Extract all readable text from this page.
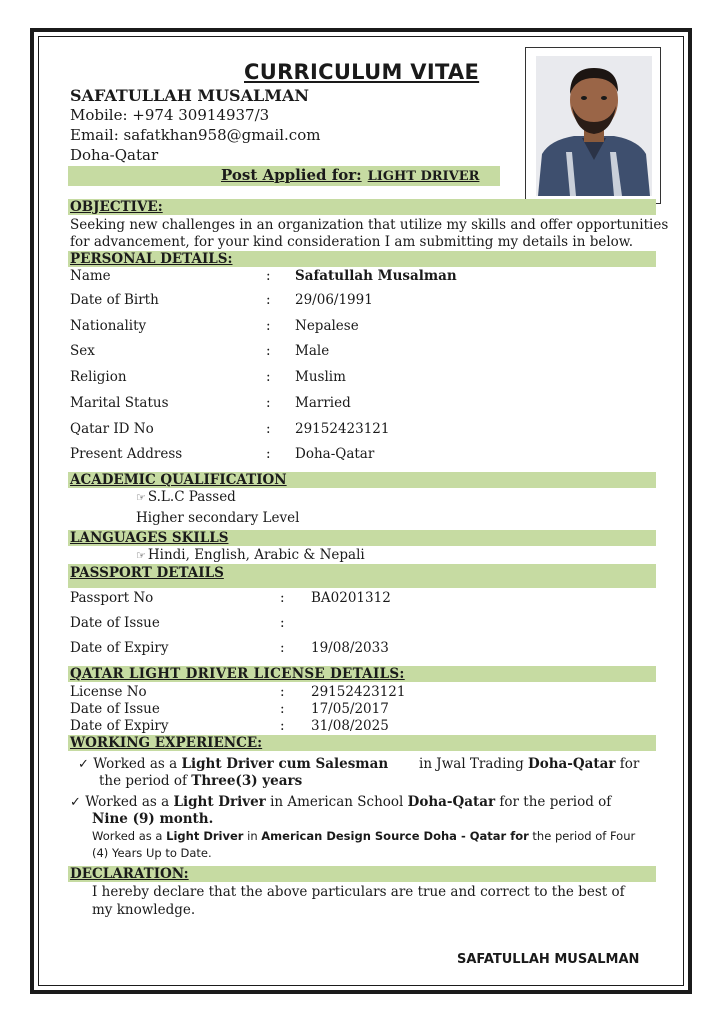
CURRICULUM VITAE
SAFATULLAH MUSALMAN
Mobile: +974 30914937/3
Email: safatkhan958@gmail.com
Doha-Qatar
Post Applied for: LIGHT DRIVER
OBJECTIVE:
Seeking new challenges in an organization that utilize my skills and offer opportunities
for advancement, for your kind consideration I am submitting my details in below.
PERSONAL DETAILS:
Name	: Safatullah Musalman
Date of Birth	: 29/06/1991
Nationality	: Nepalese
Sex	: Male
Religion	: Muslim
Marital Status	: Married
Qatar ID No	: 29152423121
Present Address	: Doha-Qatar
ACADEMIC QUALIFICATION
☞ S.L.C Passed
Higher secondary Level
LANGUAGES SKILLS
☞ Hindi, English, Arabic & Nepali
PASSPORT DETAILS
Passport No	: BA0201312
Date of Issue	:
Date of Expiry	: 19/08/2033
QATAR LIGHT DRIVER LICENSE DETAILS:
License No	: 29152423121
Date of Issue	: 17/05/2017
Date of Expiry	: 31/08/2025
WORKING EXPERIENCE:
✓ Worked as a Light Driver cum Salesman in Jwal Trading Doha-Qatar for
the period of Three(3) years
✓ Worked as a Light Driver in American School Doha-Qatar for the period of
Nine (9) month.
Worked as a Light Driver in American Design Source Doha - Qatar for the period of Four
(4) Years Up to Date.
DECLARATION:
I hereby declare that the above particulars are true and correct to the best of
my knowledge.
SAFATULLAH MUSALMAN
